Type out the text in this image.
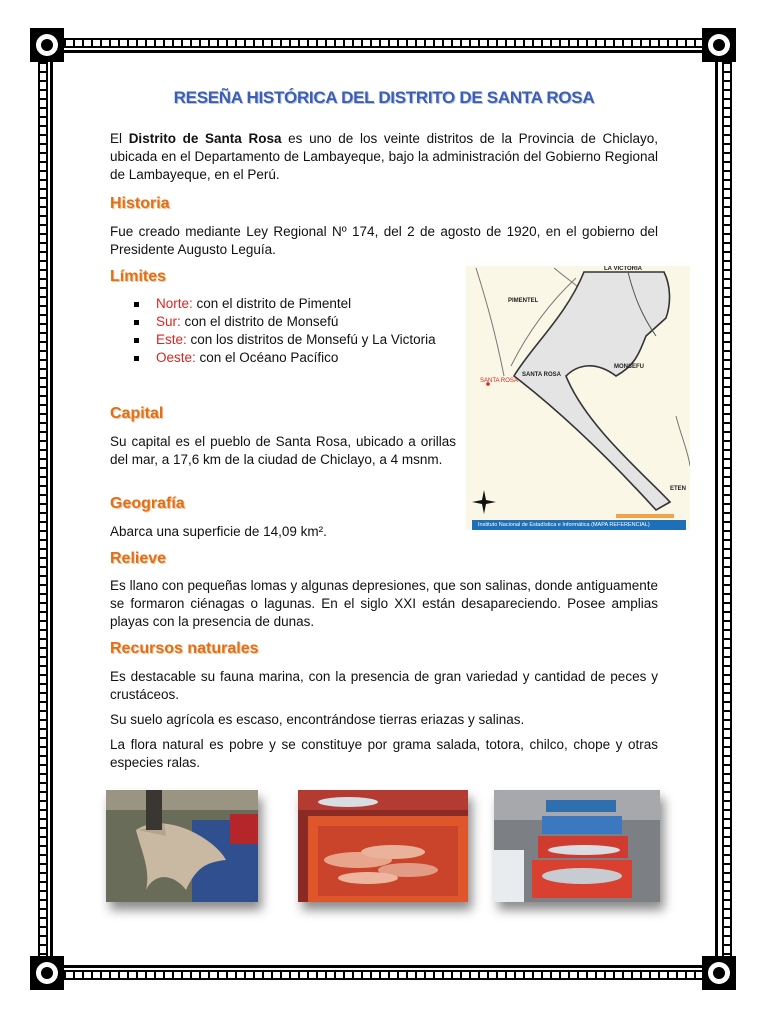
RESEÑA HISTÓRICA DEL DISTRITO DE SANTA ROSA

El Distrito de Santa Rosa es uno de los veinte distritos de la Provincia de Chiclayo, ubicada en el Departamento de Lambayeque, bajo la administración del Gobierno Regional de Lambayeque, en el Perú.

Historia

Fue creado mediante Ley Regional Nº 174, del 2 de agosto de 1920, en el gobierno del Presidente Augusto Leguía.

Límites
Norte: con el distrito de Pimentel
Sur: con el distrito de Monsefú
Este: con los distritos de Monsefú y La Victoria
Oeste: con el Océano Pacífico
Capital

Su capital es el pueblo de Santa Rosa, ubicado a orillas del mar, a 17,6 km de la ciudad de Chiclayo, a 4 msnm.

Geografía

Abarca una superficie de 14,09 km².

Relieve

Es llano con pequeñas lomas y algunas depresiones, que son salinas, donde antiguamente se formaron ciénagas o lagunas. En el siglo XXI están desapareciendo. Posee amplias playas con la presencia de dunas.

Recursos naturales

Es destacable su fauna marina, con la presencia de gran variedad y cantidad de peces y crustáceos.

Su suelo agrícola es escaso, encontrándose tierras eriazas y salinas.

La flora natural es pobre y se constituye por grama salada, totora, chilco, chope y otras especies ralas.

LA VICTORIA
PIMENTEL
SANTA ROSA
SANTA ROSA
MONSEFU
ETEN
Instituto Nacional de Estadística e Informática (MAPA REFERENCIAL)
